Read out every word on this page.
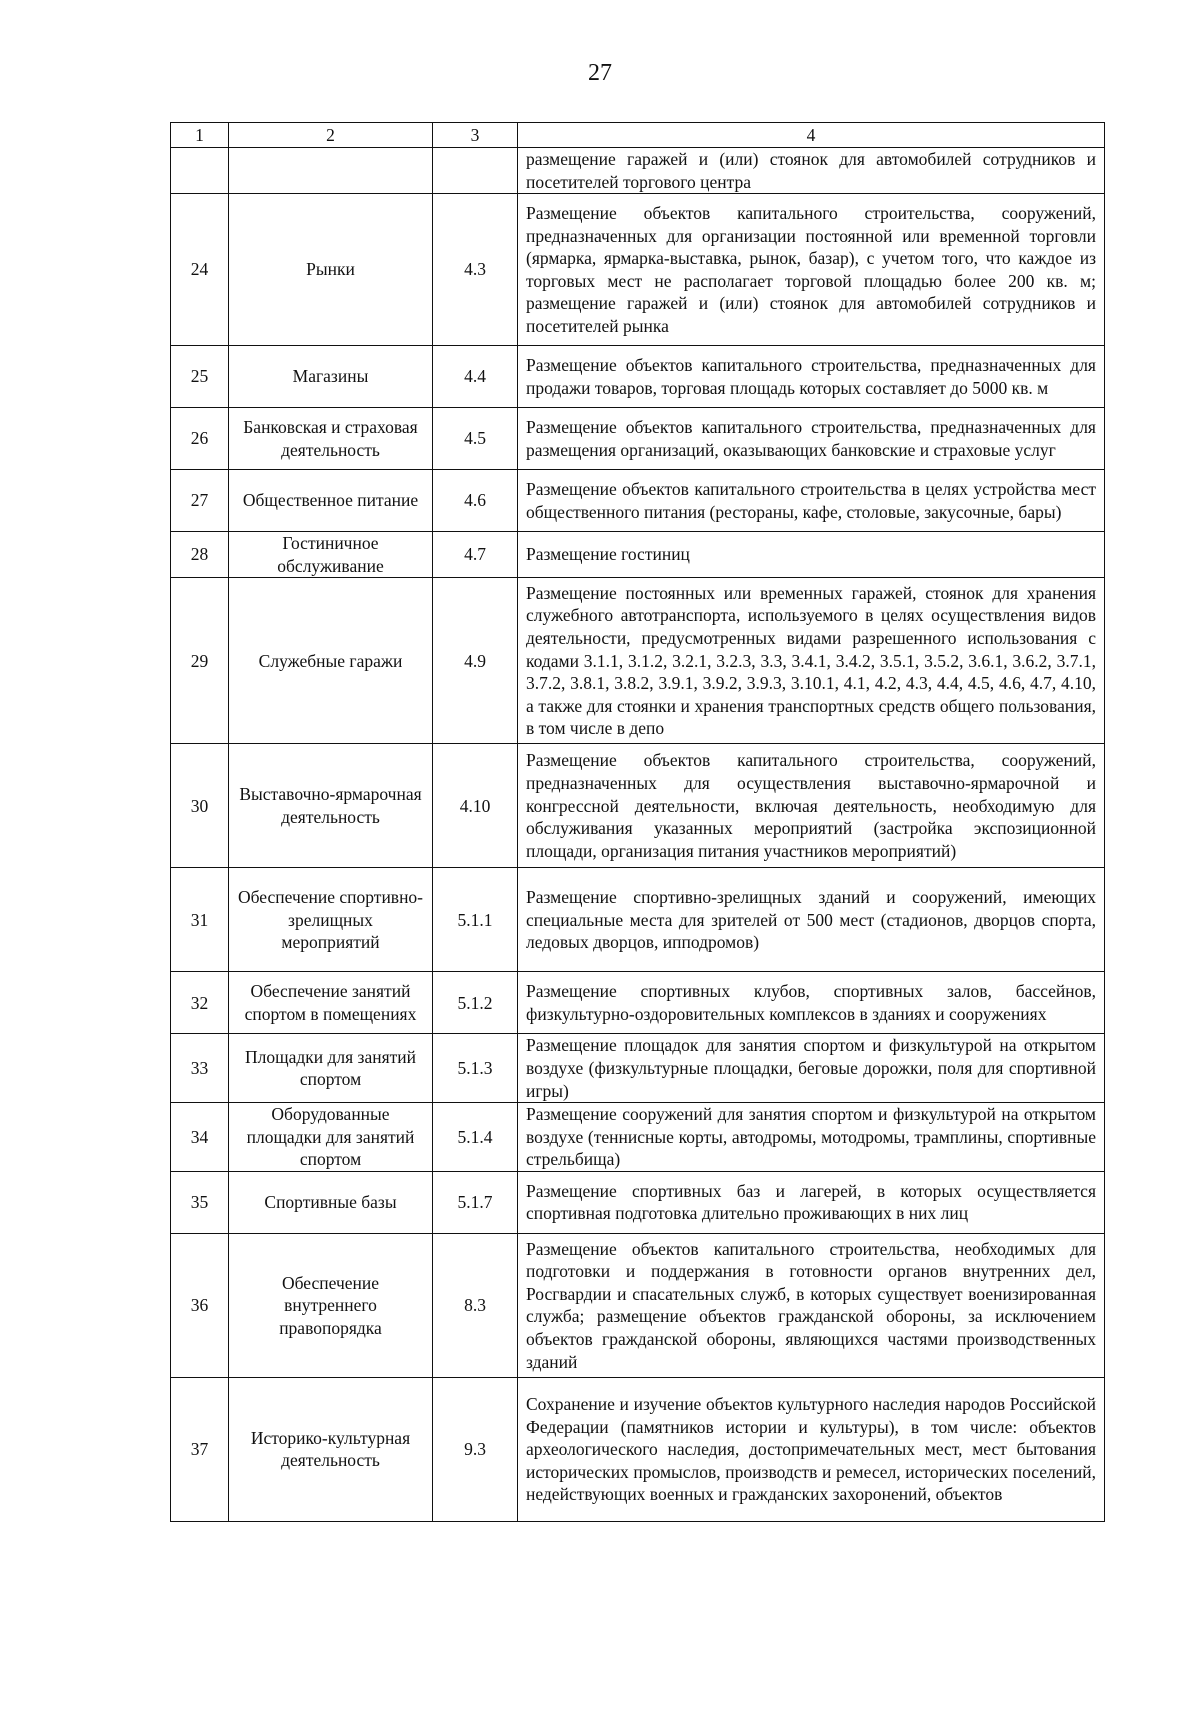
27
1	2	3	4
			размещение гаражей и (или) стоянок для автомобилей сотрудников и посетителей торгового центра
24	Рынки	4.3	Размещение объектов капитального строительства, сооружений, предназначенных для организации постоянной или временной торговли (ярмарка, ярмарка-выставка, рынок, базар), с учетом того, что каждое из торговых мест не располагает торговой площадью более 200 кв. м; размещение гаражей и (или) стоянок для автомобилей сотрудников и посетителей рынка
25	Магазины	4.4	Размещение объектов капитального строительства, предназначенных для продажи товаров, торговая площадь которых составляет до 5000 кв. м
26	Банковская и страховая деятельность	4.5	Размещение объектов капитального строительства, предназначенных для размещения организаций, оказывающих банковские и страховые услуг
27	Общественное питание	4.6	Размещение объектов капитального строительства в целях устройства мест общественного питания (рестораны, кафе, столовые, закусочные, бары)
28	Гостиничное обслуживание	4.7	Размещение гостиниц
29	Служебные гаражи	4.9	Размещение постоянных или временных гаражей, стоянок для хранения служебного автотранспорта, используемого в целях осуществления видов деятельности, предусмотренных видами разрешенного использования с кодами 3.1.1, 3.1.2, 3.2.1, 3.2.3, 3.3, 3.4.1, 3.4.2, 3.5.1, 3.5.2, 3.6.1, 3.6.2, 3.7.1, 3.7.2, 3.8.1, 3.8.2, 3.9.1, 3.9.2, 3.9.3, 3.10.1, 4.1, 4.2, 4.3, 4.4, 4.5, 4.6, 4.7, 4.10, а также для стоянки и хранения транспортных средств общего пользования, в том числе в депо
30	Выставочно-ярмарочная деятельность	4.10	Размещение объектов капитального строительства, сооружений, предназначенных для осуществления выставочно-ярмарочной и конгрессной деятельности, включая деятельность, необходимую для обслуживания указанных мероприятий (застройка экспозиционной площади, организация питания участников мероприятий)
31	Обеспечение спортивно-зрелищных мероприятий	5.1.1	Размещение спортивно-зрелищных зданий и сооружений, имеющих специальные места для зрителей от 500 мест (стадионов, дворцов спорта, ледовых дворцов, ипподромов)
32	Обеспечение занятий спортом в помещениях	5.1.2	Размещение спортивных клубов, спортивных залов, бассейнов, физкультурно-оздоровительных комплексов в зданиях и сооружениях
33	Площадки для занятий спортом	5.1.3	Размещение площадок для занятия спортом и физкультурой на открытом воздухе (физкультурные площадки, беговые дорожки, поля для спортивной игры)
34	Оборудованные площадки для занятий спортом	5.1.4	Размещение сооружений для занятия спортом и физкультурой на открытом воздухе (теннисные корты, автодромы, мотодромы, трамплины, спортивные стрельбища)
35	Спортивные базы	5.1.7	Размещение спортивных баз и лагерей, в которых осуществляется спортивная подготовка длительно проживающих в них лиц
36	Обеспечение внутреннего правопорядка	8.3	Размещение объектов капитального строительства, необходимых для подготовки и поддержания в готовности органов внутренних дел, Росгвардии и спасательных служб, в которых существует военизированная служба; размещение объектов гражданской обороны, за исключением объектов гражданской обороны, являющихся частями производственных зданий
37	Историко-культурная деятельность	9.3	Сохранение и изучение объектов культурного наследия народов Российской Федерации (памятников истории и культуры), в том числе: объектов археологического наследия, достопримечательных мест, мест бытования исторических промыслов, производств и ремесел, исторических поселений, недействующих военных и гражданских захоронений, объектов
